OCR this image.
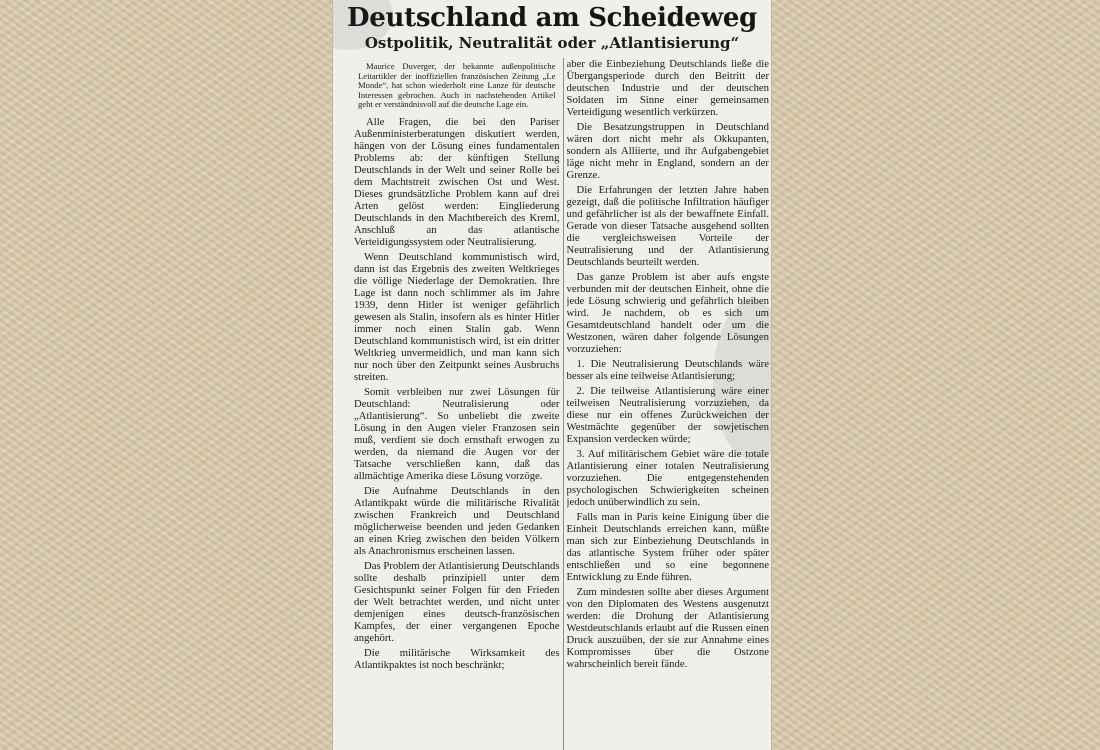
Deutschland am Scheideweg
Ostpolitik, Neutralität oder „Atlantisierung“

Maurice Duverger, der bekannte außenpolitische Leitartikler der inoffiziellen französischen Zeitung „Le Monde“, hat schon wiederholt eine Lanze für deutsche Interessen gebrochen. Auch in nachstehenden Artikel geht er verständnisvoll auf die deutsche Lage ein.

Alle Fragen, die bei den Pariser Außenministerberatungen diskutiert werden, hängen von der Lösung eines fundamentalen Problems ab: der künftigen Stellung Deutschlands in der Welt und seiner Rolle bei dem Machtstreit zwischen Ost und West. Dieses grundsätzliche Problem kann auf drei Arten gelöst werden: Eingliederung Deutschlands in den Machtbereich des Kreml, Anschluß an das atlantische Verteidigungssystem oder Neutralisierung.

Wenn Deutschland kommunistisch wird, dann ist das Ergebnis des zweiten Weltkrieges die völlige Niederlage der Demokratien. Ihre Lage ist dann noch schlimmer als im Jahre 1939, denn Hitler ist weniger gefährlich gewesen als Stalin, insofern als es hinter Hitler immer noch einen Stalin gab. Wenn Deutschland kommunistisch wird, ist ein dritter Weltkrieg unvermeidlich, und man kann sich nur noch über den Zeitpunkt seines Ausbruchs streiten.

Somit verbleiben nur zwei Lösungen für Deutschland: Neutralisierung oder „Atlantisierung“. So unbeliebt die zweite Lösung in den Augen vieler Franzosen sein muß, verdient sie doch ernsthaft erwogen zu werden, da niemand die Augen vor der Tatsache verschließen kann, daß das allmächtige Amerika diese Lösung vorzöge.

Die Aufnahme Deutschlands in den Atlantikpakt würde die militärische Rivalität zwischen Frankreich und Deutschland möglicherweise beenden und jeden Gedanken an einen Krieg zwischen den beiden Völkern als Anachronismus erscheinen lassen.

Das Problem der Atlantisierung Deutschlands sollte deshalb prinzipiell unter dem Gesichtspunkt seiner Folgen für den Frieden der Welt betrachtet werden, und nicht unter demjenigen eines deutsch-französischen Kampfes, der einer vergangenen Epoche angehört.

Die militärische Wirksamkeit des Atlantikpaktes ist noch beschränkt;

aber die Einbeziehung Deutschlands ließe die Übergangsperiode durch den Beitritt der deutschen Industrie und der deutschen Soldaten im Sinne einer gemeinsamen Verteidigung wesentlich verkürzen.

Die Besatzungstruppen in Deutschland wären dort nicht mehr als Okkupanten, sondern als Alliierte, und ihr Aufgabengebiet läge nicht mehr in England, sondern an der Grenze.

Die Erfahrungen der letzten Jahre haben gezeigt, daß die politische Infiltration häufiger und gefährlicher ist als der bewaffnete Einfall. Gerade von dieser Tatsache ausgehend sollten die vergleichsweisen Vorteile der Neutralisierung und der Atlantisierung Deutschlands beurteilt werden.

Das ganze Problem ist aber aufs engste verbunden mit der deutschen Einheit, ohne die jede Lösung schwierig und gefährlich bleiben wird. Je nachdem, ob es sich um Gesamtdeutschland handelt oder um die Westzonen, wären daher folgende Lösungen vorzuziehen:

1. Die Neutralisierung Deutschlands wäre besser als eine teilweise Atlantisierung;

2. Die teilweise Atlantisierung wäre einer teilweisen Neutralisierung vorzuziehen, da diese nur ein offenes Zurückweichen der Westmächte gegenüber der sowjetischen Expansion verdecken würde;

3. Auf militärischem Gebiet wäre die totale Atlantisierung einer totalen Neutralisierung vorzuziehen. Die entgegenstehenden psychologischen Schwierigkeiten scheinen jedoch unüberwindlich zu sein.

Falls man in Paris keine Einigung über die Einheit Deutschlands erreichen kann, müßte man sich zur Einbeziehung Deutschlands in das atlantische System früher oder später entschließen und so eine begonnene Entwicklung zu Ende führen.

Zum mindesten sollte aber dieses Argument von den Diplomaten des Westens ausgenutzt werden: die Drohung der Atlantisierung Westdeutschlands erlaubt auf die Russen einen Druck auszuüben, der sie zur Annahme eines Kompromisses über die Ostzone wahrscheinlich bereit fände.
